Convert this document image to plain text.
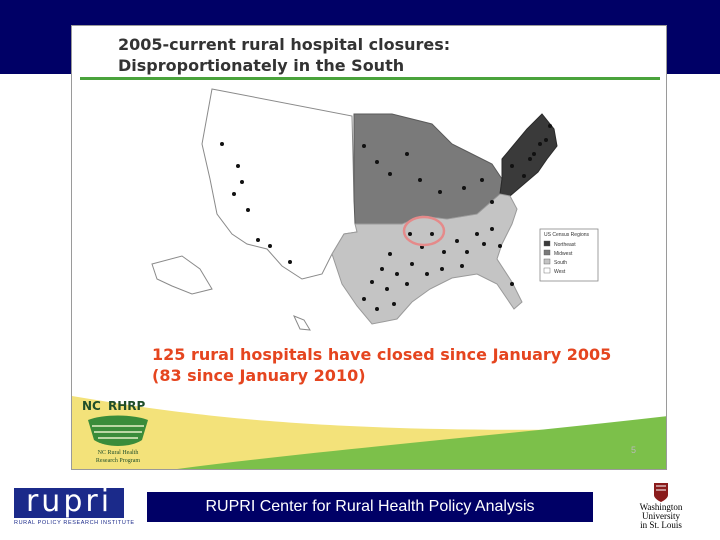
2005-current rural hospital closures:
Disproportionately in the South
US Census Regions
Northeast
Midwest
South
West
125 rural hospitals have closed since January 2005
(83 since January 2010)
NC RHRP
NC Rural Health
Research Program
5
rupri
RURAL POLICY RESEARCH INSTITUTE
RUPRI Center for Rural Health Policy Analysis	Washington
University
in St. Louis
